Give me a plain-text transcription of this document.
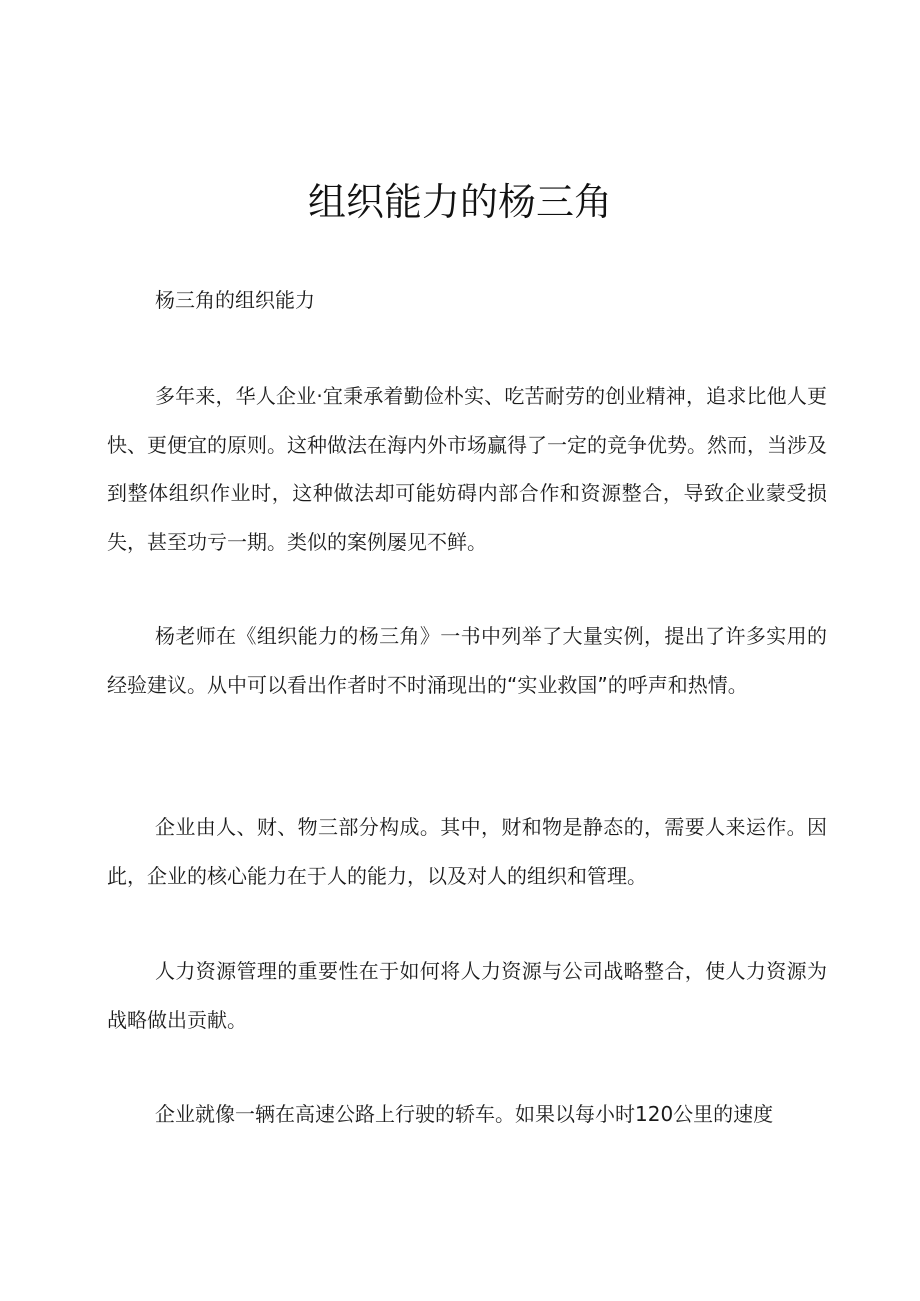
组织能力的杨三角

杨三角的组织能力

多年来，华人企业·宜秉承着勤俭朴实、吃苦耐劳的创业精神，追求比他人更快、更便宜的原则。这种做法在海内外市场赢得了一定的竞争优势。然而，当涉及到整体组织作业时，这种做法却可能妨碍内部合作和资源整合，导致企业蒙受损失，甚至功亏一期。类似的案例屡见不鲜。

杨老师在《组织能力的杨三角》一书中列举了大量实例，提出了许多实用的经验建议。从中可以看出作者时不时涌现出的“实业救国”的呼声和热情。

企业由人、财、物三部分构成。其中，财和物是静态的，需要人来运作。因此，企业的核心能力在于人的能力，以及对人的组织和管理。

人力资源管理的重要性在于如何将人力资源与公司战略整合，使人力资源为战略做出贡献。

企业就像一辆在高速公路上行驶的轿车。如果以每小时120公里的速度
